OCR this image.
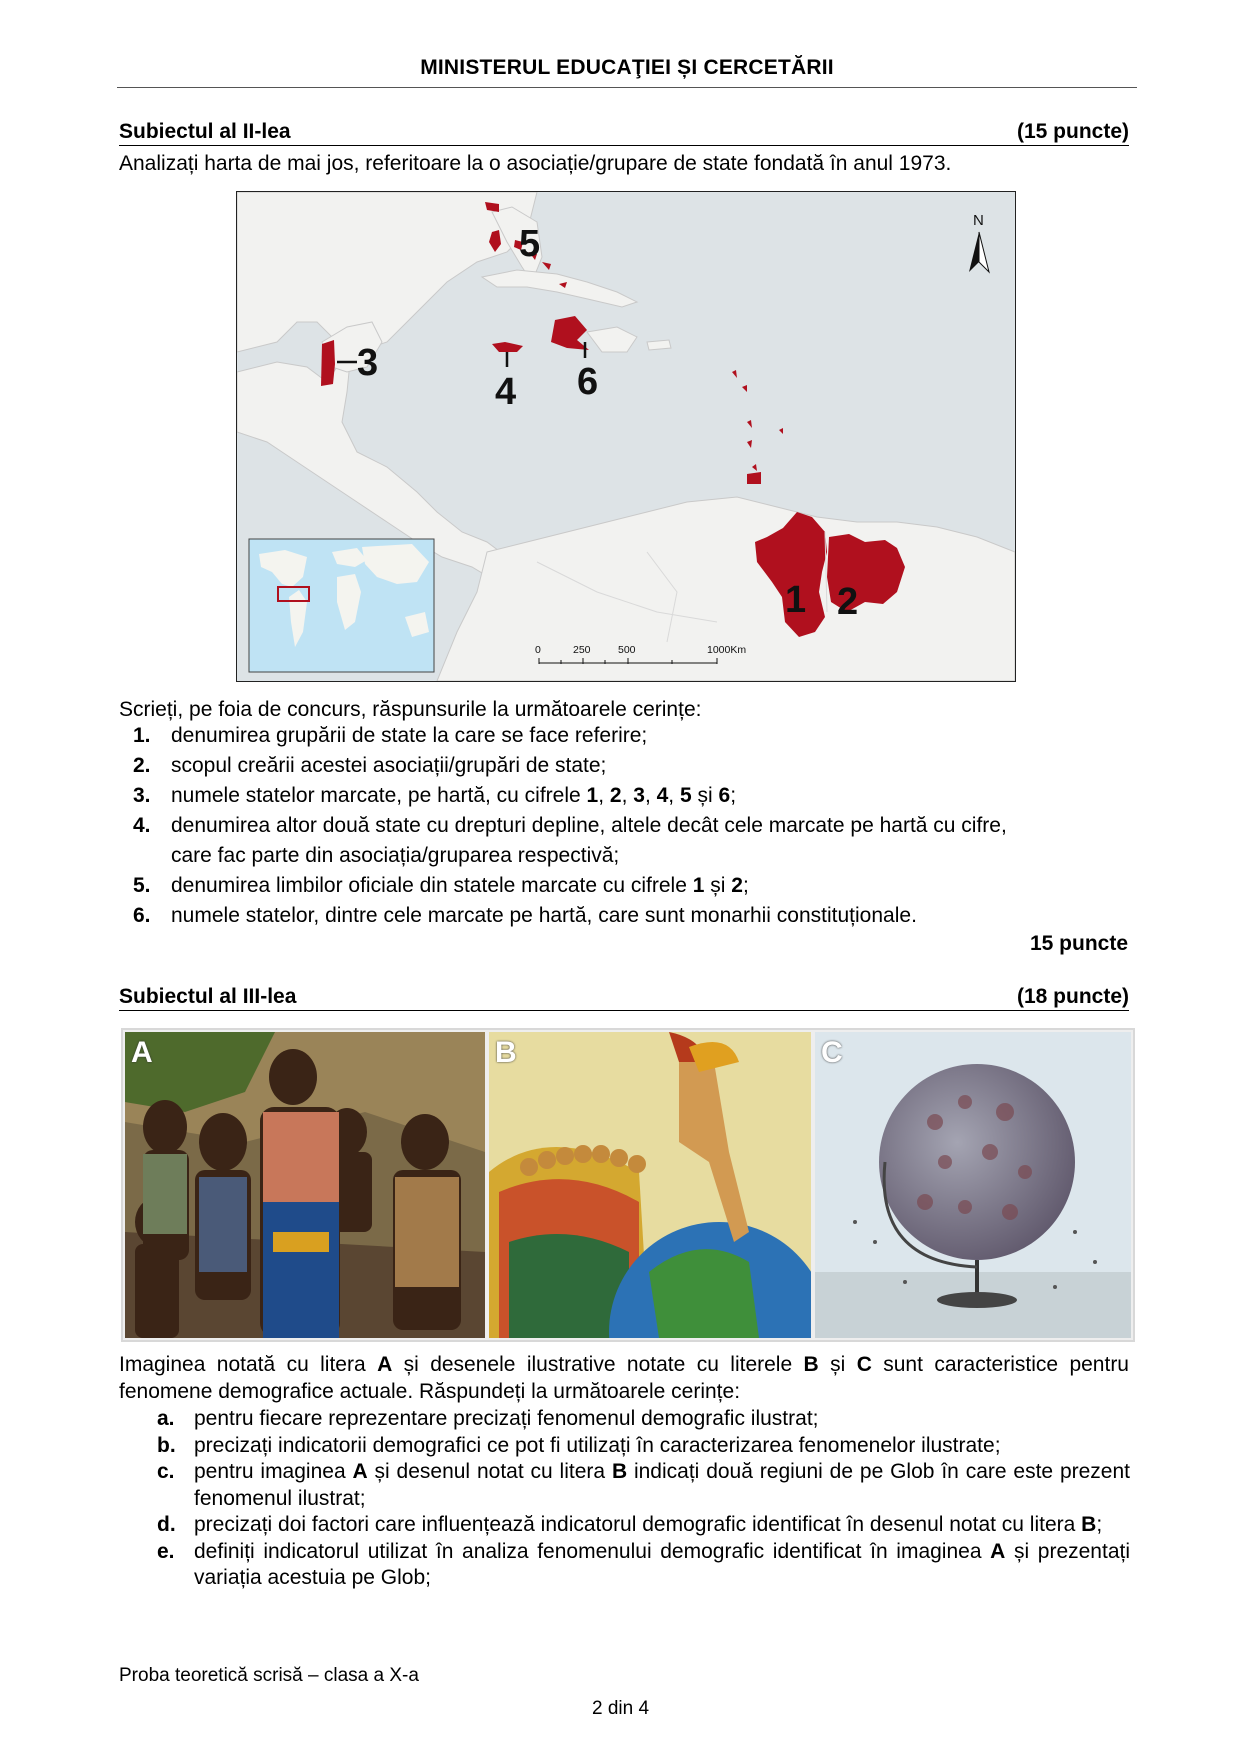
MINISTERUL EDUCAŢIEI ȘI CERCETĂRII
Subiectul al II-lea	(15 puncte)
Analizați harta de mai jos, referitoare la o asociație/grupare de state fondată în anul 1973.
5
3
4 6
1 2
N
0	250	500	1000Km
Scrieți, pe foia de concurs, răspunsurile la următoarele cerințe:
1. denumirea grupării de state la care se face referire;
2. scopul creării acestei asociații/grupări de state;
3. numele statelor marcate, pe hartă, cu cifrele 1, 2, 3, 4, 5 și 6;
4. denumirea altor două state cu drepturi depline, altele decât cele marcate pe hartă cu cifre,
care fac parte din asociația/gruparea respectivă;
5. denumirea limbilor oficiale din statele marcate cu cifrele 1 și 2;
6. numele statelor, dintre cele marcate pe hartă, care sunt monarhii constituționale.
15 puncte
Subiectul al III-lea	(18 puncte)
A	B	C
Imaginea notată cu litera A și desenele ilustrative notate cu literele B și C sunt caracteristice pentru fenomene demografice actuale. Răspundeți la următoarele cerințe:
a. pentru fiecare reprezentare precizați fenomenul demografic ilustrat;
b. precizați indicatorii demografici ce pot fi utilizați în caracterizarea fenomenelor ilustrate;
c. pentru imaginea A și desenul notat cu litera B indicați două regiuni de pe Glob în care este prezent fenomenul ilustrat;
d. precizați doi factori care influențează indicatorul demografic identificat în desenul notat cu litera B;
e. definiți indicatorul utilizat în analiza fenomenului demografic identificat în imaginea A și prezentați variația acestuia pe Glob;
Proba teoretică scrisă – clasa a X-a
2 din 4
